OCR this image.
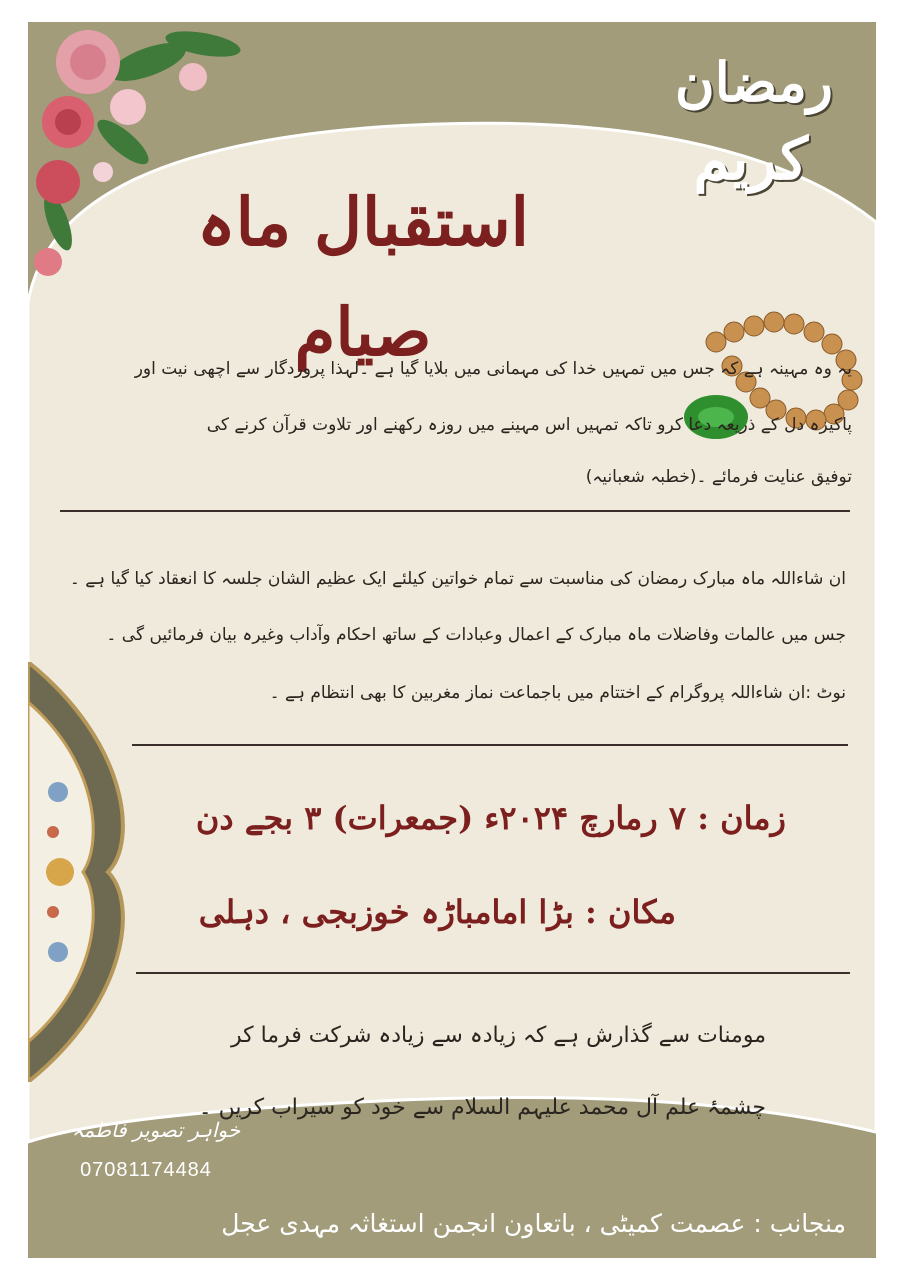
رمضان
کریم
استقبال ماہ صیام
یہ وہ مہینہ ہے کہ جس میں تمہیں خدا کی مہمانی میں بلایا گیا ہے ۔لہذا پروردگار سے اچھی نیت اور
پاکیزہ دل کے ذریعہ دعا کرو تاکہ تمہیں اس مہینے میں روزہ رکھنے اور تلاوت قرآن کرنے کی
توفیق عنایت فرمائے ۔(خطبہ شعبانیہ)
ان شاءاللہ ماہ مبارک رمضان کی مناسبت سے تمام خواتین کیلئے ایک عظیم الشان جلسہ کا انعقاد کیا گیا ہے ۔
جس میں عالمات وفاضلات ماہ مبارک کے اعمال وعبادات کے ساتھ احکام وآداب وغیرہ بیان فرمائیں گی ۔
نوٹ :ان شاءاللہ پروگرام کے اختتام میں باجماعت نماز مغربین کا بھی انتظام ہے ۔
زمان : ۷ رمارچ ۲۰۲۴ء (جمعرات) ۳ بجے دن
مکان : بڑا امامباڑہ خوزبجی ، دہلی
مومنات سے گذارش ہے کہ زیادہ سے زیادہ شرکت فرما کر
چشمۂ علم آل محمد علیہم السلام سے خود کو سیراب کریں ۔
خواہر تصویر فاطمہ
07081174484
منجانب : عصمت کمیٹی ، باتعاون انجمن استغاثہ مہدی عجل
